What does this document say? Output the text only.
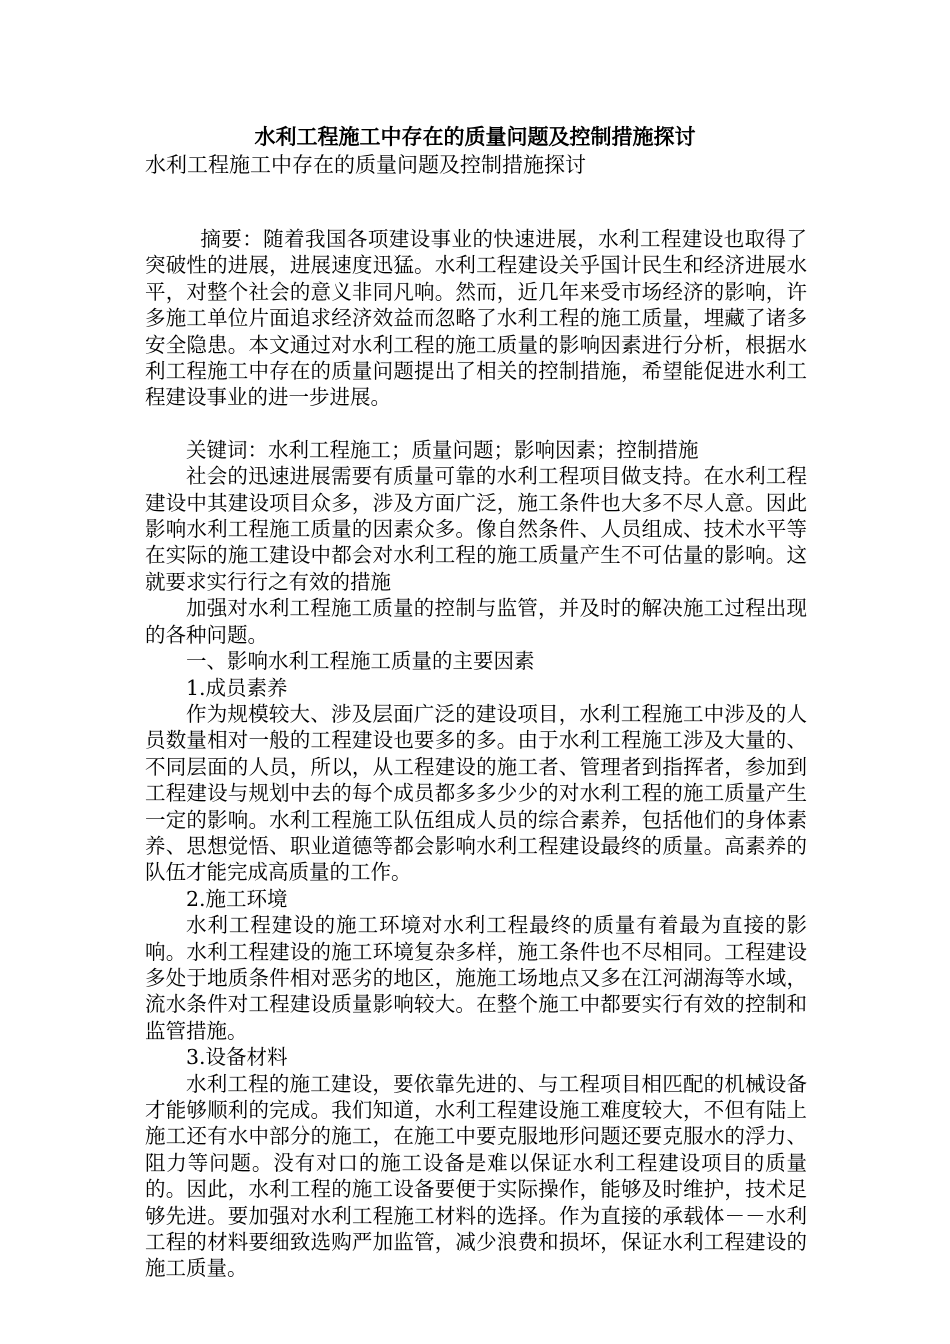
水利工程施工中存在的质量问题及控制措施探讨
水利工程施工中存在的质量问题及控制措施探讨

摘要：随着我国各项建设事业的快速进展，水利工程建设也取得了突破性的进展，进展速度迅猛。水利工程建设关乎国计民生和经济进展水平，对整个社会的意义非同凡响。然而，近几年来受市场经济的影响，许多施工单位片面追求经济效益而忽略了水利工程的施工质量，埋藏了诸多安全隐患。本文通过对水利工程的施工质量的影响因素进行分析，根据水利工程施工中存在的质量问题提出了相关的控制措施，希望能促进水利工程建设事业的进一步进展。

关键词：水利工程施工；质量问题；影响因素；控制措施

社会的迅速进展需要有质量可靠的水利工程项目做支持。在水利工程建设中其建设项目众多，涉及方面广泛，施工条件也大多不尽人意。因此影响水利工程施工质量的因素众多。像自然条件、人员组成、技术水平等在实际的施工建设中都会对水利工程的施工质量产生不可估量的影响。这就要求实行行之有效的措施

加强对水利工程施工质量的控制与监管，并及时的解决施工过程出现的各种问题。

一、影响水利工程施工质量的主要因素

1.成员素养

作为规模较大、涉及层面广泛的建设项目，水利工程施工中涉及的人员数量相对一般的工程建设也要多的多。由于水利工程施工涉及大量的、不同层面的人员，所以，从工程建设的施工者、管理者到指挥者，参加到工程建设与规划中去的每个成员都多多少少的对水利工程的施工质量产生一定的影响。水利工程施工队伍组成人员的综合素养，包括他们的身体素养、思想觉悟、职业道德等都会影响水利工程建设最终的质量。高素养的队伍才能完成高质量的工作。

2.施工环境

水利工程建设的施工环境对水利工程最终的质量有着最为直接的影响。水利工程建设的施工环境复杂多样，施工条件也不尽相同。工程建设多处于地质条件相对恶劣的地区，施施工场地点又多在江河湖海等水域，流水条件对工程建设质量影响较大。在整个施工中都要实行有效的控制和监管措施。

3.设备材料

水利工程的施工建设，要依靠先进的、与工程项目相匹配的机械设备才能够顺利的完成。我们知道，水利工程建设施工难度较大，不但有陆上施工还有水中部分的施工，在施工中要克服地形问题还要克服水的浮力、阻力等问题。没有对口的施工设备是难以保证水利工程建设项目的质量的。因此，水利工程的施工设备要便于实际操作，能够及时维护，技术足够先进。要加强对水利工程施工材料的选择。作为直接的承载体－－水利工程的材料要细致选购严加监管，减少浪费和损坏，保证水利工程建设的施工质量。
